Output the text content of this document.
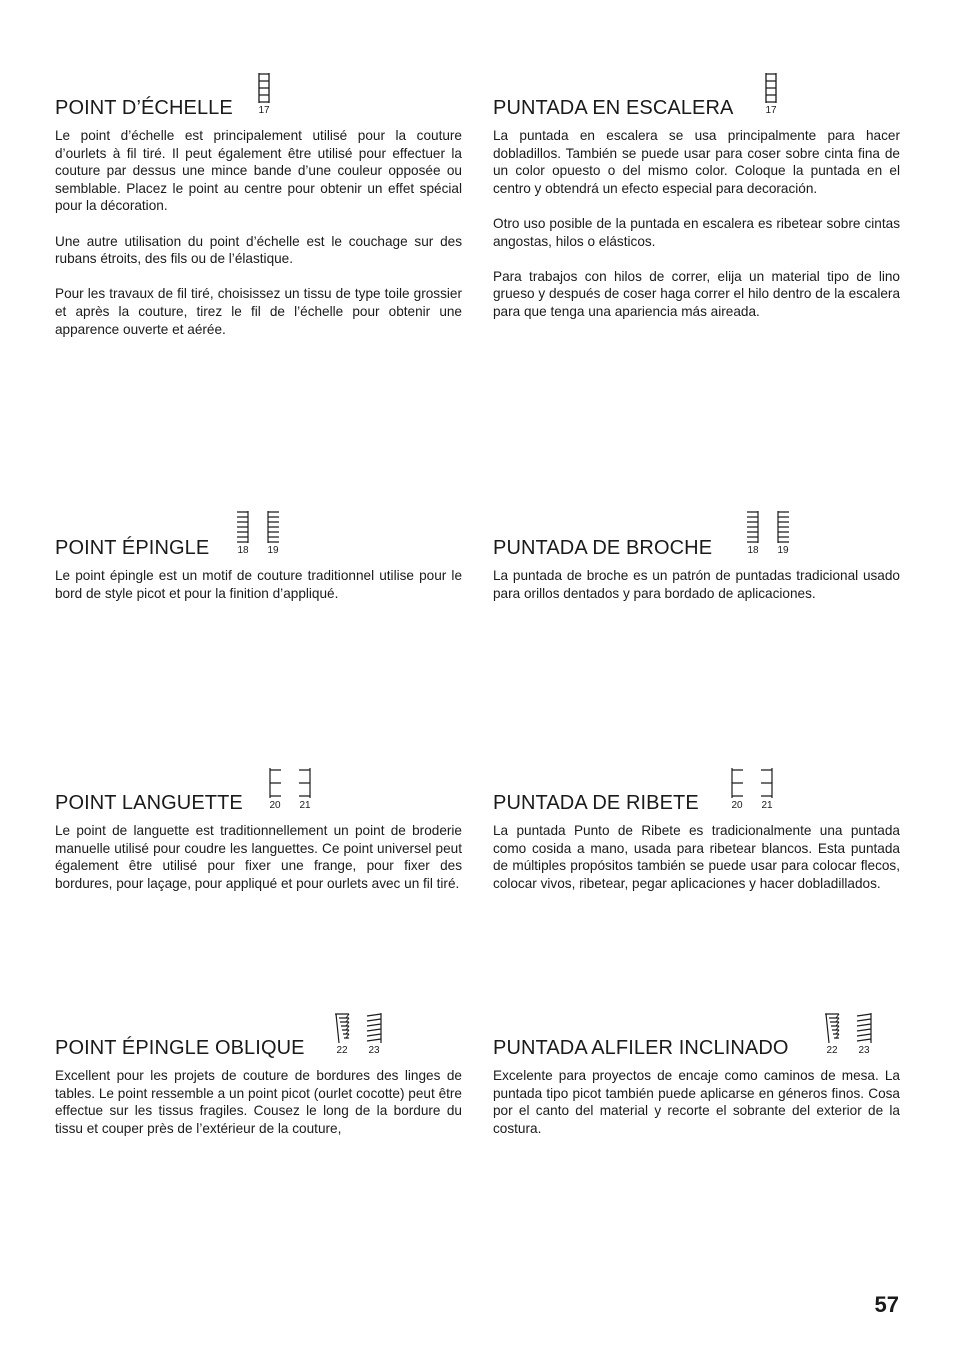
POINT D’ÉCHELLE	17

Le point d’échelle est principalement utilisé pour la couture d’ourlets à fil tiré. Il peut également être utilisé pour effectuer la couture par dessus une mince bande d’une couleur opposée ou semblable. Placez le point au centre pour obtenir un effet spécial pour la décoration.

Une autre utilisation du point d’échelle est le couchage sur des rubans étroits, des fils ou de l’élastique.

Pour les travaux de fil tiré, choisissez un tissu de type toile grossier et après la couture, tirez le fil de l’échelle pour obtenir une apparence ouverte et aérée.

PUNTADA EN ESCALERA	17

La puntada en escalera se usa principalmente para hacer dobladillos. También se puede usar para coser sobre cinta fina de un color opuesto o del mismo color. Coloque la puntada en el centro y obtendrá un efecto especial para decoración.

Otro uso posible de la puntada en escalera es ribetear sobre cintas angostas, hilos o elásticos.

Para trabajos con hilos de correr, elija un material tipo de lino grueso y después de coser haga correr el hilo dentro de la escalera para que tenga una apariencia más aireada.

POINT ÉPINGLE	18 19

Le point épingle est un motif de couture traditionnel utilise pour le bord de style picot et pour la finition d’appliqué.

PUNTADA DE BROCHE	18 19

La puntada de broche es un patrón de puntadas tradicional usado para orillos dentados y para bordado de aplicaciones.

POINT LANGUETTE	20 21

Le point de languette est traditionnellement un point de broderie manuelle utilisé pour coudre les languettes. Ce point universel peut également être utilisé pour fixer une frange, pour fixer des bordures, pour laçage, pour appliqué et pour ourlets avec un fil tiré.

PUNTADA DE RIBETE	20 21

La puntada Punto de Ribete es tradicionalmente una puntada como cosida a mano, usada para ribetear blancos. Esta puntada de múltiples propósitos también se puede usar para colocar flecos, colocar vivos, ribetear, pegar aplicaciones y hacer dobladillados.

POINT ÉPINGLE OBLIQUE	22 23

Excellent pour les projets de couture de bordures des linges de tables. Le point ressemble a un point picot (ourlet cocotte) peut être effectue sur les tissus fragiles. Cousez le long de la bordure du tissu et couper près de l’extérieur de la couture,

PUNTADA ALFILER INCLINADO	22 23

Excelente para proyectos de encaje como caminos de mesa. La puntada tipo picot también puede aplicarse en géneros finos. Cosa por el canto del material y recorte el sobrante del exterior de la costura.

57
